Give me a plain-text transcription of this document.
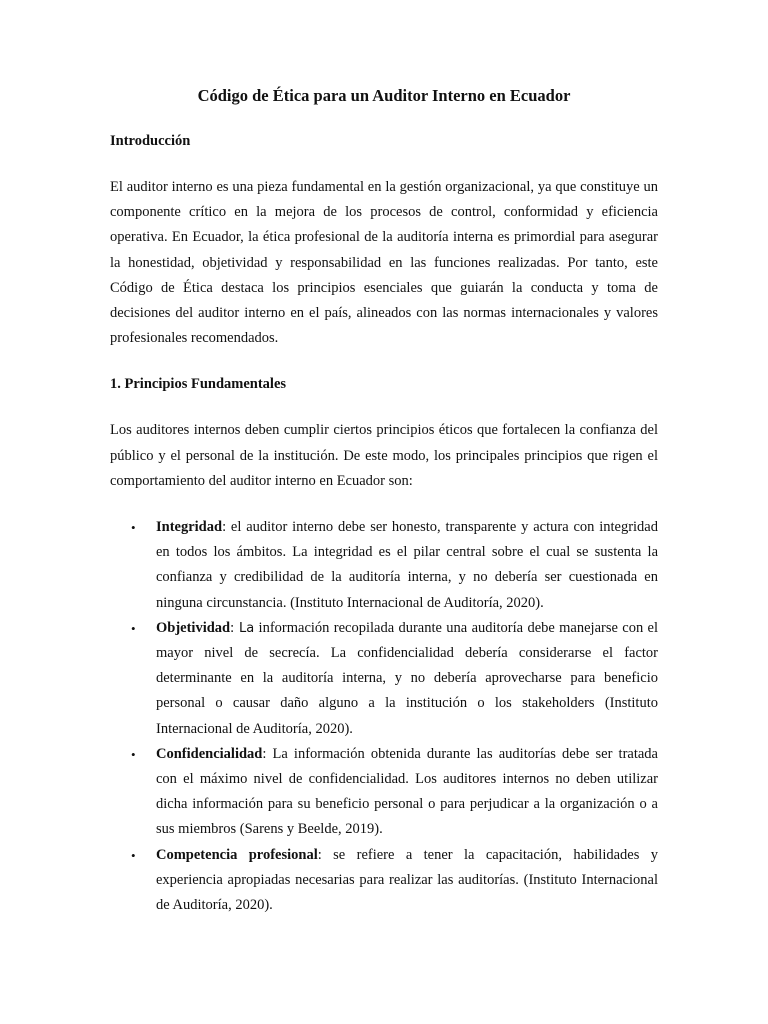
Código de Ética para un Auditor Interno en Ecuador
Introducción

El auditor interno es una pieza fundamental en la gestión organizacional, ya que constituye un componente crítico en la mejora de los procesos de control, conformidad y eficiencia operativa. En Ecuador, la ética profesional de la auditoría interna es primordial para asegurar la honestidad, objetividad y responsabilidad en las funciones realizadas. Por tanto, este Código de Ética destaca los principios esenciales que guiarán la conducta y toma de decisiones del auditor interno en el país, alineados con las normas internacionales y valores profesionales recomendados.

1. Principios Fundamentales

Los auditores internos deben cumplir ciertos principios éticos que fortalecen la confianza del público y el personal de la institución. De este modo, los principales principios que rigen el comportamiento del auditor interno en Ecuador son:

• Integridad: el auditor interno debe ser honesto, transparente y actura con integridad en todos los ámbitos. La integridad es el pilar central sobre el cual se sustenta la confianza y credibilidad de la auditoría interna, y no debería ser cuestionada en ninguna circunstancia. (Instituto Internacional de Auditoría, 2020).
• Objetividad: La información recopilada durante una auditoría debe manejarse con el mayor nivel de secrecía. La confidencialidad debería considerarse el factor determinante en la auditoría interna, y no debería aprovecharse para beneficio personal o causar daño alguno a la institución o los stakeholders (Instituto Internacional de Auditoría, 2020).
• Confidencialidad: La información obtenida durante las auditorías debe ser tratada con el máximo nivel de confidencialidad. Los auditores internos no deben utilizar dicha información para su beneficio personal o para perjudicar a la organización o a sus miembros (Sarens y Beelde, 2019).
• Competencia profesional: se refiere a tener la capacitación, habilidades y experiencia apropiadas necesarias para realizar las auditorías. (Instituto Internacional de Auditoría, 2020).
